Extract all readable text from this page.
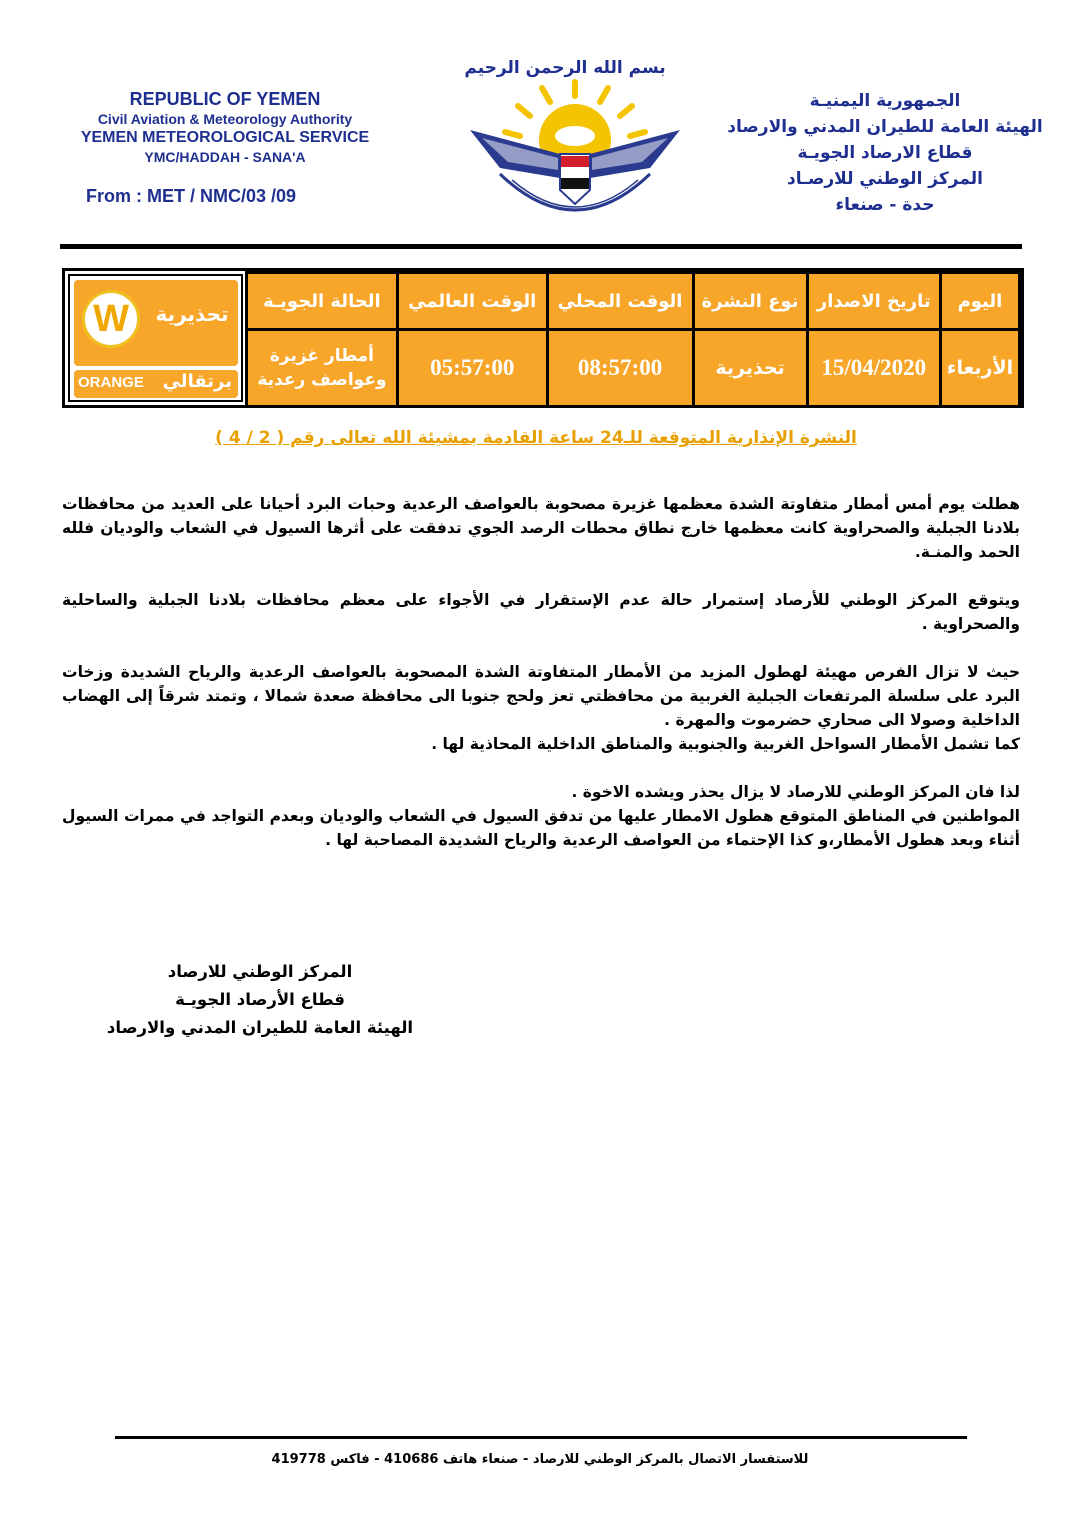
REPUBLIC OF YEMEN
Civil Aviation & Meteorology Authority
YEMEN METEOROLOGICAL SERVICE
YMC/HADDAH - SANA'A
From : MET / NMC/03 /09
بسم الله الرحمن الرحيم
الجمهورية اليمنيـة
الهيئة العامة للطيران المدني والارصاد
قطاع الارصاد الجويـة
المركز الوطني للارصـاد
حدة - صنعاء
W	تحذيرية
ORANGE برتقالي
اليوم	تاريخ الاصدار	نوع النشرة	الوقت المحلي	الوقت العالمي	الحالة الجويـة
الأربعاء	15/04/2020	تحذيرية	08:57:00	05:57:00	أمطار غزيرة
وعواصف رعدية
النشرة الإنذارية المتوقعة للـ24 ساعة القادمة بمشيئة الله تعالى رقم ( 2 / 4 )

هطلت يوم أمس أمطار متفاوتة الشدة معظمها غزيرة مصحوبة بالعواصف الرعدية وحبات البرد أحيانا على العديد من محافظات بلادنا الجبلية والصحراوية كانت معظمها خارج نطاق محطات الرصد الجوي تدفقت على أثرها السيول في الشعاب والوديان فلله الحمد والمنـة.

ويتوقع المركز الوطني للأرصاد إستمرار حالة عدم الإستقرار في الأجواء على معظم محافظات بلادنا الجبلية والساحلية والصحراوية .

حيث لا تزال الفرص مهيئة لهطول المزيد من الأمطار المتفاوتة الشدة المصحوبة بالعواصف الرعدية والرياح الشديدة وزخات البرد على سلسلة المرتفعات الجبلية الغربية من محافظتي تعز ولحج جنوبا الى محافظة صعدة شمالا ، وتمتد شرقاً إلى الهضاب الداخلية وصولا الى صحاري حضرموت والمهرة .

كما تشمل الأمطار السواحل الغربية والجنوبية والمناطق الداخلية المحاذية لها .

لذا فان المركز الوطني للارصاد لا يزال يحذر ويشده الاخوة .

المواطنين في المناطق المتوقع هطول الامطار عليها من تدفق السيول في الشعاب والوديان وبعدم التواجد في ممرات السيول أثناء وبعد هطول الأمطار،و كذا الإحتماء من العواصف الرعدية والرياح الشديدة المصاحبة لها .

المركز الوطني للارصاد
قطاع الأرصاد الجويـة
الهيئة العامة للطيران المدني والارصاد
للاستفسار الاتصال بالمركز الوطني للارصاد - صنعاء هاتف 410686 - فاكس 419778
